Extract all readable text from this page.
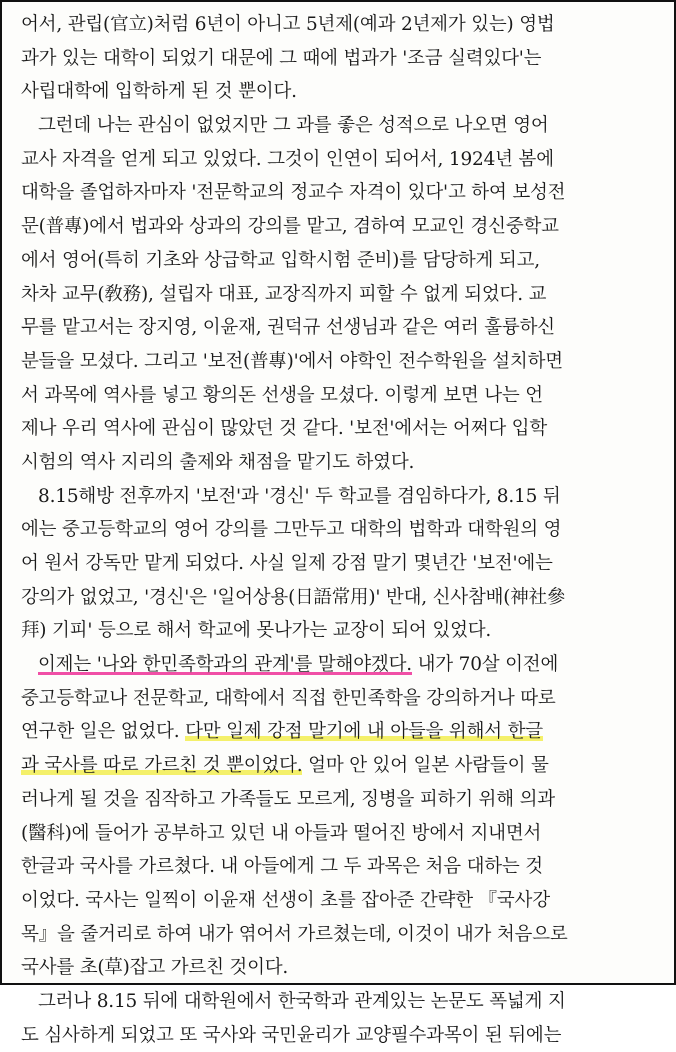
어서, 관립(官立)처럼 6년이 아니고 5년제(예과 2년제가 있는) 영법
과가 있는 대학이 되었기 대문에 그 때에 법과가 '조금 실력있다'는
사립대학에 입학하게 된 것 뿐이다.
그런데 나는 관심이 없었지만 그 과를 좋은 성적으로 나오면 영어
교사 자격을 얻게 되고 있었다. 그것이 인연이 되어서, 1924년 봄에
대학을 졸업하자마자 '전문학교의 정교수 자격이 있다'고 하여 보성전
문(普專)에서 법과와 상과의 강의를 맡고, 겸하여 모교인 경신중학교
에서 영어(특히 기초와 상급학교 입학시험 준비)를 담당하게 되고,
차차 교무(敎務), 설립자 대표, 교장직까지 피할 수 없게 되었다. 교
무를 맡고서는 장지영, 이윤재, 권덕규 선생님과 같은 여러 훌륭하신
분들을 모셨다. 그리고 '보전(普專)'에서 야학인 전수학원을 설치하면
서 과목에 역사를 넣고 황의돈 선생을 모셨다. 이렇게 보면 나는 언
제나 우리 역사에 관심이 많았던 것 같다. '보전'에서는 어쩌다 입학
시험의 역사 지리의 출제와 채점을 맡기도 하였다.
8.15해방 전후까지 '보전'과 '경신' 두 학교를 겸임하다가, 8.15 뒤
에는 중고등학교의 영어 강의를 그만두고 대학의 법학과 대학원의 영
어 원서 강독만 맡게 되었다. 사실 일제 강점 말기 몇년간 '보전'에는
강의가 없었고, '경신'은 '일어상용(日語常用)' 반대, 신사참배(神社參
拜) 기피' 등으로 해서 학교에 못나가는 교장이 되어 있었다.
이제는 '나와 한민족학과의 관계'를 말해야겠다. 내가 70살 이전에
중고등학교나 전문학교, 대학에서 직접 한민족학을 강의하거나 따로
연구한 일은 없었다. 다만 일제 강점 말기에 내 아들을 위해서 한글
과 국사를 따로 가르친 것 뿐이었다. 얼마 안 있어 일본 사람들이 물
러나게 될 것을 짐작하고 가족들도 모르게, 징병을 피하기 위해 의과
(醫科)에 들어가 공부하고 있던 내 아들과 떨어진 방에서 지내면서
한글과 국사를 가르쳤다. 내 아들에게 그 두 과목은 처음 대하는 것
이었다. 국사는 일찍이 이윤재 선생이 초를 잡아준 간략한 『국사강
목』을 줄거리로 하여 내가 엮어서 가르쳤는데, 이것이 내가 처음으로
국사를 초(草)잡고 가르친 것이다.
그러나 8.15 뒤에 대학원에서 한국학과 관계있는 논문도 폭넓게 지
도 심사하게 되었고 또 국사와 국민윤리가 교양필수과목이 된 뒤에는
